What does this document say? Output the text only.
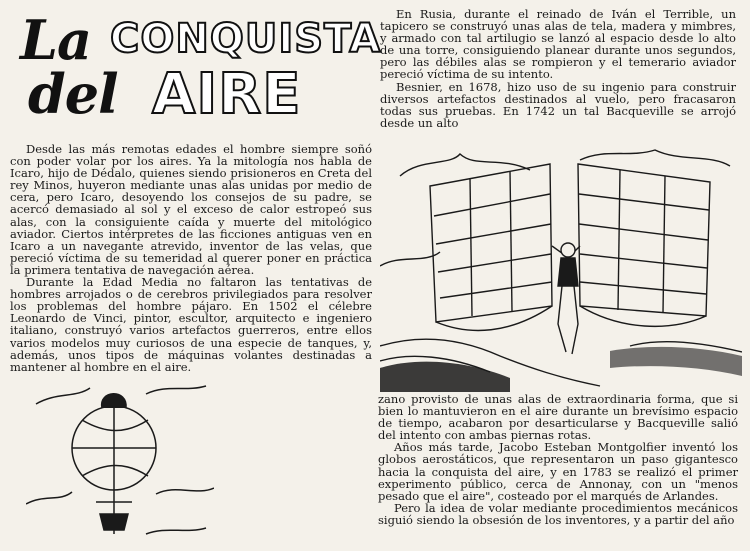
La CONQUISTA
del AIRE

Desde las más remotas edades el hombre siempre soñó con poder volar por los aires. Ya la mitología nos habla de Icaro, hijo de Dédalo, quienes siendo prisioneros en Creta del rey Minos, huyeron mediante unas alas unidas por medio de cera, pero Icaro, desoyendo los consejos de su padre, se acercó demasiado al sol y el exceso de calor estropeó sus alas, con la consiguiente caída y muerte del mitológico aviador. Ciertos intérpretes de las ficciones antiguas ven en Icaro a un navegante atrevido, inventor de las velas, que pereció víctima de su temeridad al querer poner en práctica la primera tentativa de navegación aérea.

Durante la Edad Media no faltaron las tentativas de hombres arrojados o de cerebros privilegiados para resolver los problemas del hombre pájaro. En 1502 el célebre Leonardo de Vinci, pintor, escultor, arquitecto e ingeniero italiano, construyó varios artefactos guerreros, entre ellos varios modelos muy curiosos de una especie de tanques, y, además, unos tipos de máquinas volantes destinadas a mantener al hombre en el aire.

En Rusia, durante el reinado de Iván el Terrible, un tapicero se construyó unas alas de tela, madera y mimbres, y armado con tal artilugio se lanzó al espacio desde lo alto de una torre, consiguiendo planear durante unos segundos, pero las débiles alas se rompieron y el temerario aviador pereció víctima de su intento.

Besnier, en 1678, hizo uso de su ingenio para construir diversos artefactos destinados al vuelo, pero fracasaron todas sus pruebas. En 1742 un tal Bacqueville se arrojó desde un alto

zano provisto de unas alas de extraordinaria forma, que si bien lo mantuvieron en el aire durante un brevísimo espacio de tiempo, acabaron por desarticularse y Bacqueville salió del intento con ambas piernas rotas.

Años más tarde, Jacobo Esteban Montgolfier inventó los globos aerostáticos, que representaron un paso gigantesco hacia la conquista del aire, y en 1783 se realizó el primer experimento público, cerca de Annonay, con un "menos pesado que el aire", costeado por el marqués de Arlandes.

Pero la idea de volar mediante procedimientos mecánicos siguió siendo la obsesión de los inventores, y a partir del año
